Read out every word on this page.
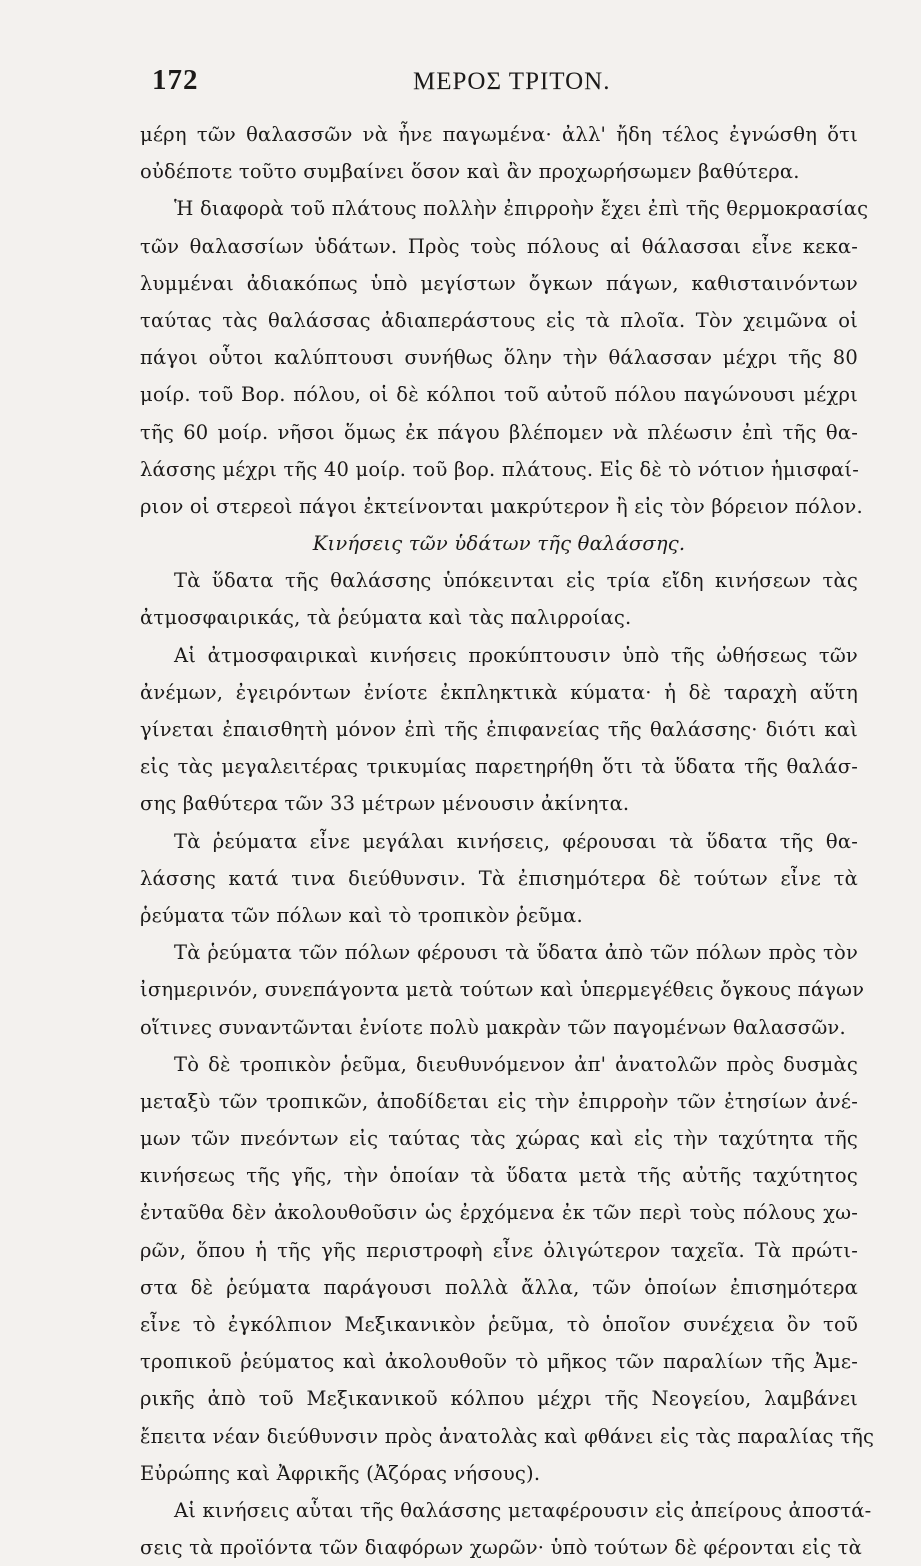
172	ΜΕΡΟΣ ΤΡΙΤΟΝ.
μέρη τῶν θαλασσῶν νὰ ἦνε παγωμένα· ἀλλ' ἤδη τέλος ἐγνώσθη ὅτι
οὐδέποτε τοῦτο συμβαίνει ὅσον καὶ ἂν προχωρήσωμεν βαθύτερα.
Ἡ διαφορὰ τοῦ πλάτους πολλὴν ἐπιρροὴν ἔχει ἐπὶ τῆς θερμοκρασίας
τῶν θαλασσίων ὑδάτων. Πρὸς τοὺς πόλους αἱ θάλασσαι εἶνε κεκα-
λυμμέναι ἀδιακόπως ὑπὸ μεγίστων ὄγκων πάγων, καθισταινόντων
ταύτας τὰς θαλάσσας ἀδιαπεράστους εἰς τὰ πλοῖα. Τὸν χειμῶνα οἱ
πάγοι οὗτοι καλύπτουσι συνήθως ὅλην τὴν θάλασσαν μέχρι τῆς 80
μοίρ. τοῦ Βορ. πόλου, οἱ δὲ κόλποι τοῦ αὐτοῦ πόλου παγώνουσι μέχρι
τῆς 60 μοίρ. νῆσοι ὅμως ἐκ πάγου βλέπομεν νὰ πλέωσιν ἐπὶ τῆς θα-
λάσσης μέχρι τῆς 40 μοίρ. τοῦ βορ. πλάτους. Εἰς δὲ τὸ νότιον ἡμισφαί-
ριον οἱ στερεοὶ πάγοι ἐκτείνονται μακρύτερον ἢ εἰς τὸν βόρειον πόλον.
Κινήσεις τῶν ὑδάτων τῆς θαλάσσης.
Τὰ ὕδατα τῆς θαλάσσης ὑπόκεινται εἰς τρία εἴδη κινήσεων τὰς
ἀτμοσφαιρικάς, τὰ ῥεύματα καὶ τὰς παλιρροίας.
Αἱ ἀτμοσφαιρικαὶ κινήσεις προκύπτουσιν ὑπὸ τῆς ὠθήσεως τῶν
ἀνέμων, ἐγειρόντων ἐνίοτε ἐκπληκτικὰ κύματα· ἡ δὲ ταραχὴ αὕτη
γίνεται ἐπαισθητὴ μόνον ἐπὶ τῆς ἐπιφανείας τῆς θαλάσσης· διότι καὶ
εἰς τὰς μεγαλειτέρας τρικυμίας παρετηρήθη ὅτι τὰ ὕδατα τῆς θαλάσ-
σης βαθύτερα τῶν 33 μέτρων μένουσιν ἀκίνητα.
Τὰ ῥεύματα εἶνε μεγάλαι κινήσεις, φέρουσαι τὰ ὕδατα τῆς θα-
λάσσης κατά τινα διεύθυνσιν. Τὰ ἐπισημότερα δὲ τούτων εἶνε τὰ
ῥεύματα τῶν πόλων καὶ τὸ τροπικὸν ῥεῦμα.
Τὰ ῥεύματα τῶν πόλων φέρουσι τὰ ὕδατα ἀπὸ τῶν πόλων πρὸς τὸν
ἰσημερινόν, συνεπάγοντα μετὰ τούτων καὶ ὑπερμεγέθεις ὄγκους πάγων
οἵτινες συναντῶνται ἐνίοτε πολὺ μακρὰν τῶν παγομένων θαλασσῶν.
Τὸ δὲ τροπικὸν ῥεῦμα, διευθυνόμενον ἀπ' ἀνατολῶν πρὸς δυσμὰς
μεταξὺ τῶν τροπικῶν, ἀποδίδεται εἰς τὴν ἐπιρροὴν τῶν ἐτησίων ἀνέ-
μων τῶν πνεόντων εἰς ταύτας τὰς χώρας καὶ εἰς τὴν ταχύτητα τῆς
κινήσεως τῆς γῆς, τὴν ὁποίαν τὰ ὕδατα μετὰ τῆς αὐτῆς ταχύτητος
ἐνταῦθα δὲν ἀκολουθοῦσιν ὡς ἐρχόμενα ἐκ τῶν περὶ τοὺς πόλους χω-
ρῶν, ὅπου ἡ τῆς γῆς περιστροφὴ εἶνε ὀλιγώτερον ταχεῖα. Τὰ πρώτι-
στα δὲ ῥεύματα παράγουσι πολλὰ ἄλλα, τῶν ὁποίων ἐπισημότερα
εἶνε τὸ ἐγκόλπιον Μεξικανικὸν ῥεῦμα, τὸ ὁποῖον συνέχεια ὂν τοῦ
τροπικοῦ ῥεύματος καὶ ἀκολουθοῦν τὸ μῆκος τῶν παραλίων τῆς Ἀμε-
ρικῆς ἀπὸ τοῦ Μεξικανικοῦ κόλπου μέχρι τῆς Νεογείου, λαμβάνει
ἔπειτα νέαν διεύθυνσιν πρὸς ἀνατολὰς καὶ φθάνει εἰς τὰς παραλίας τῆς
Εὐρώπης καὶ Ἀφρικῆς (Ἀζόρας νήσους).
Αἱ κινήσεις αὗται τῆς θαλάσσης μεταφέρουσιν εἰς ἀπείρους ἀποστά-
σεις τὰ προϊόντα τῶν διαφόρων χωρῶν· ὑπὸ τούτων δὲ φέρονται εἰς τὰ
